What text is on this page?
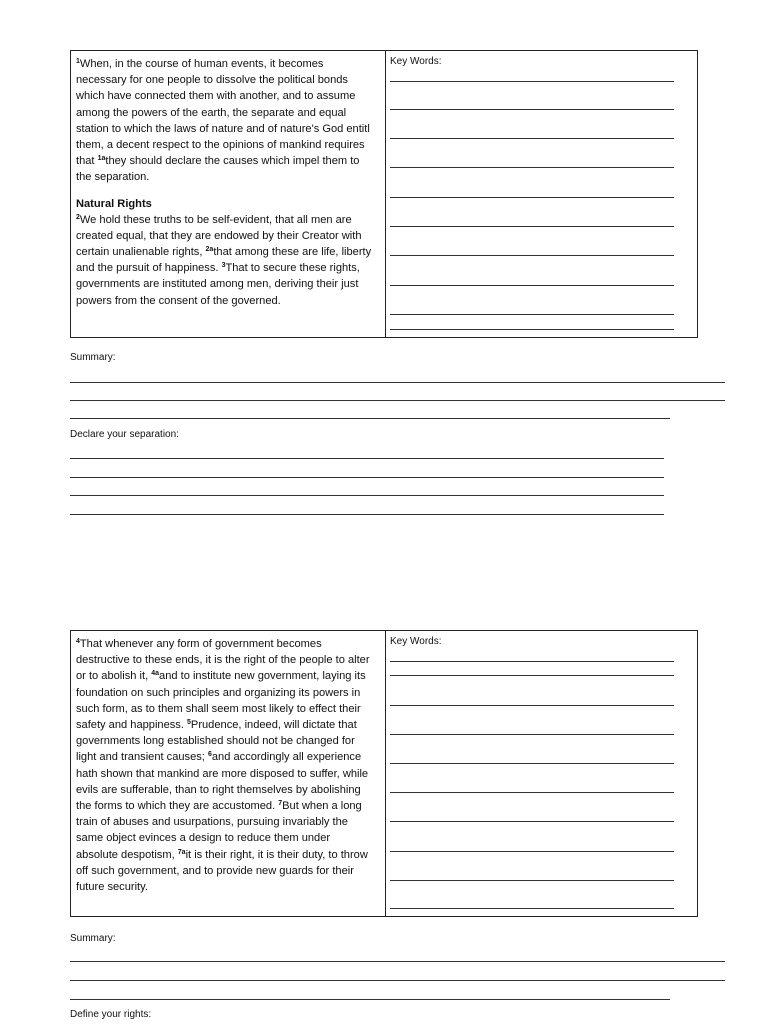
$^1$When, in the course of human events, it becomes

necessary for one people to dissolve the political bonds

which have connected them with another, and to assume

among the powers of the earth, the separate and equal

station to which the laws of nature and of nature's God entitl

them, a decent respect to the opinions of mankind requires

that $^{1a}$they should declare the causes which impel them to

the separation.

Natural Rights

$^2$We hold these truths to be self-evident, that all men are

created equal, that they are endowed by their Creator with

certain unalienable rights, $^{2a}$that among these are life, liberty

and the pursuit of happiness. $^3$That to secure these rights,

governments are instituted among men, deriving their just

powers from the consent of the governed.

Key Words:
Summary:
Declare your separation:

$^4$That whenever any form of government becomes

destructive to these ends, it is the right of the people to alter

or to abolish it, $^{4a}$and to institute new government, laying its

foundation on such principles and organizing its powers in

such form, as to them shall seem most likely to effect their

safety and happiness. $^5$Prudence, indeed, will dictate that

governments long established should not be changed for

light and transient causes; $^6$and accordingly all experience

hath shown that mankind are more disposed to suffer, while

evils are sufferable, than to right themselves by abolishing

the forms to which they are accustomed. $^7$But when a long

train of abuses and usurpations, pursuing invariably the

same object evinces a design to reduce them under

absolute despotism, $^{7a}$it is their right, it is their duty, to throw

off such government, and to provide new guards for their

future security.

Key Words:
Summary:
Define your rights:
